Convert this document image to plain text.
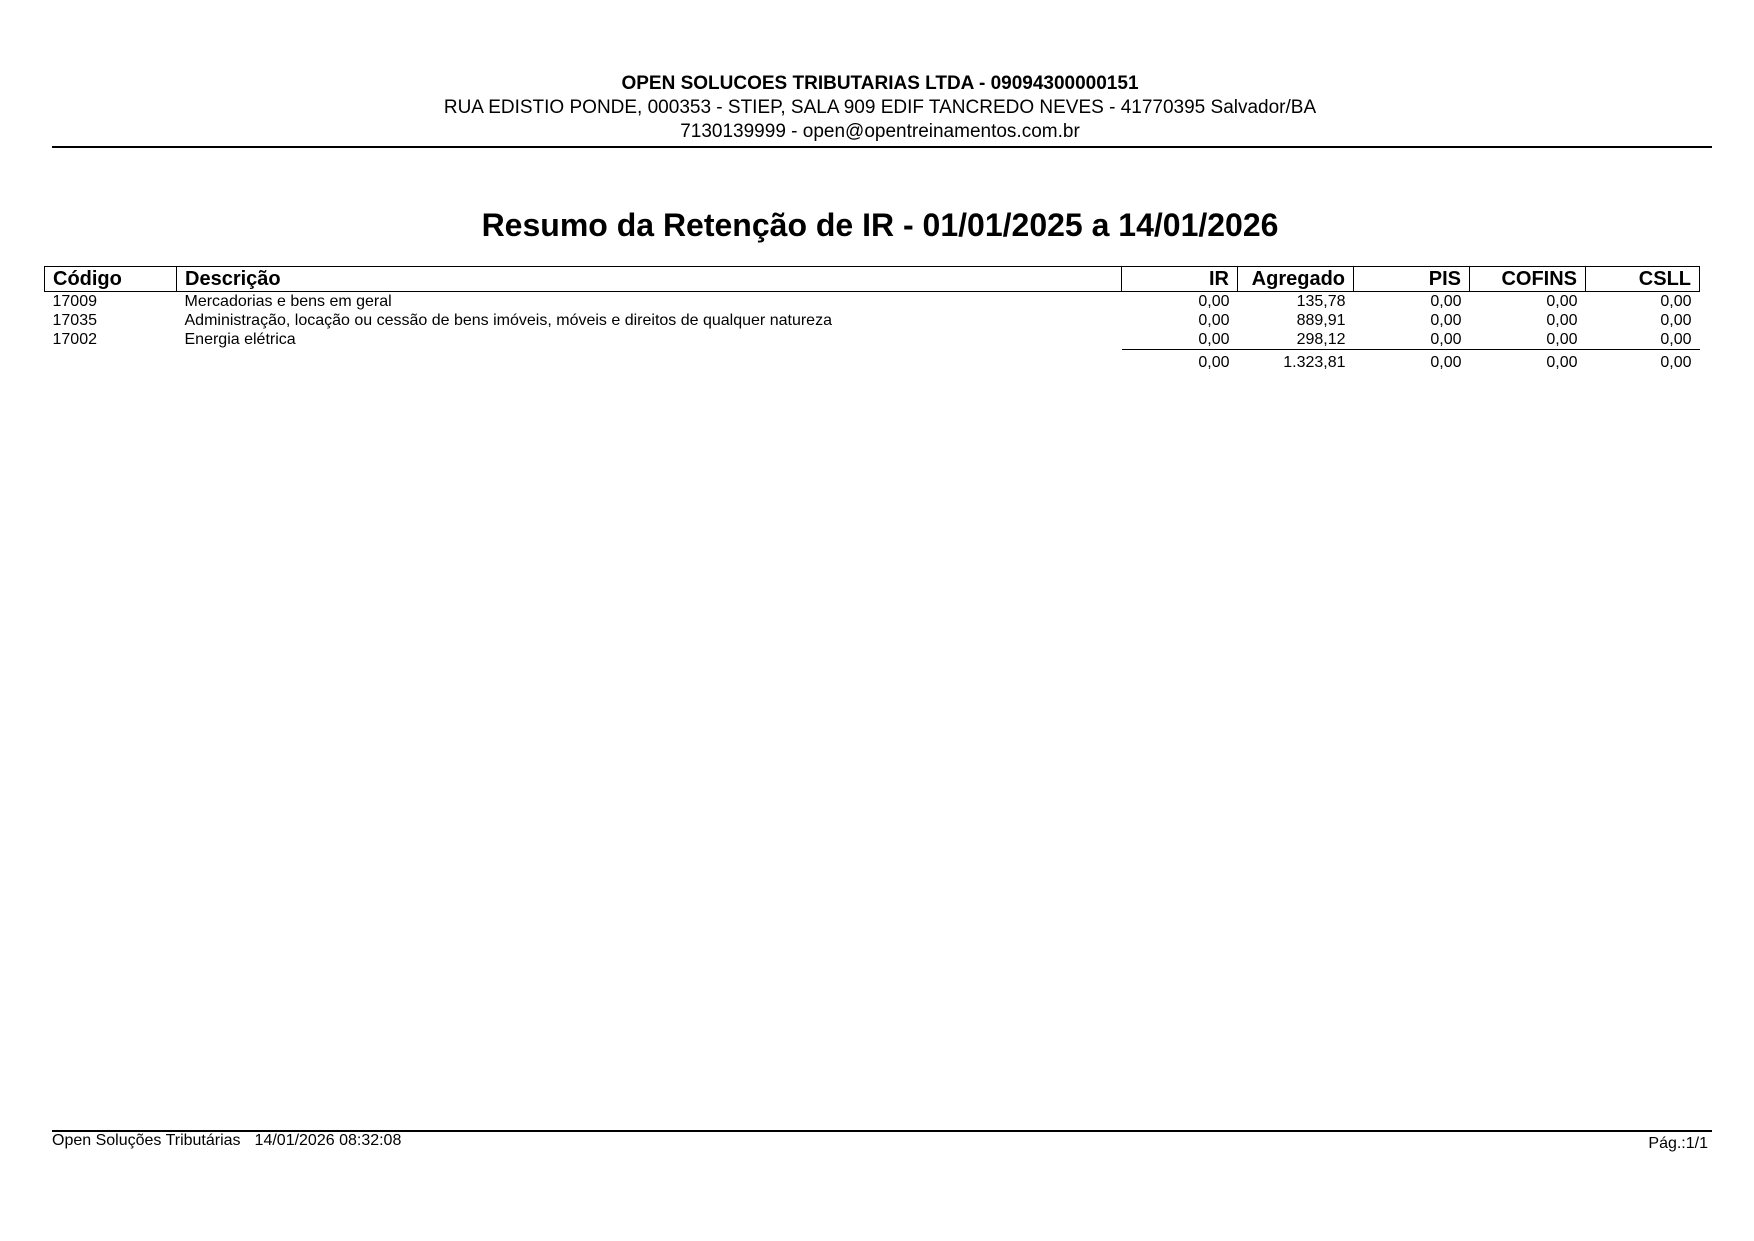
OPEN SOLUCOES TRIBUTARIAS LTDA - 09094300000151
RUA EDISTIO PONDE, 000353 - STIEP, SALA 909 EDIF TANCREDO NEVES - 41770395 Salvador/BA
7130139999 - open@opentreinamentos.com.br
Resumo da Retenção de IR - 01/01/2025 a 14/01/2026
Código	Descrição	IR	Agregado	PIS	COFINS	CSLL
17009	Mercadorias e bens em geral	0,00	135,78	0,00	0,00	0,00
17035	Administração, locação ou cessão de bens imóveis, móveis e direitos de qualquer natureza	0,00	889,91	0,00	0,00	0,00
17002	Energia elétrica	0,00	298,12	0,00	0,00	0,00
		0,00	1.323,81	0,00	0,00	0,00
Open Soluções Tributárias 14/01/2026 08:32:08	Pág.:1/1
